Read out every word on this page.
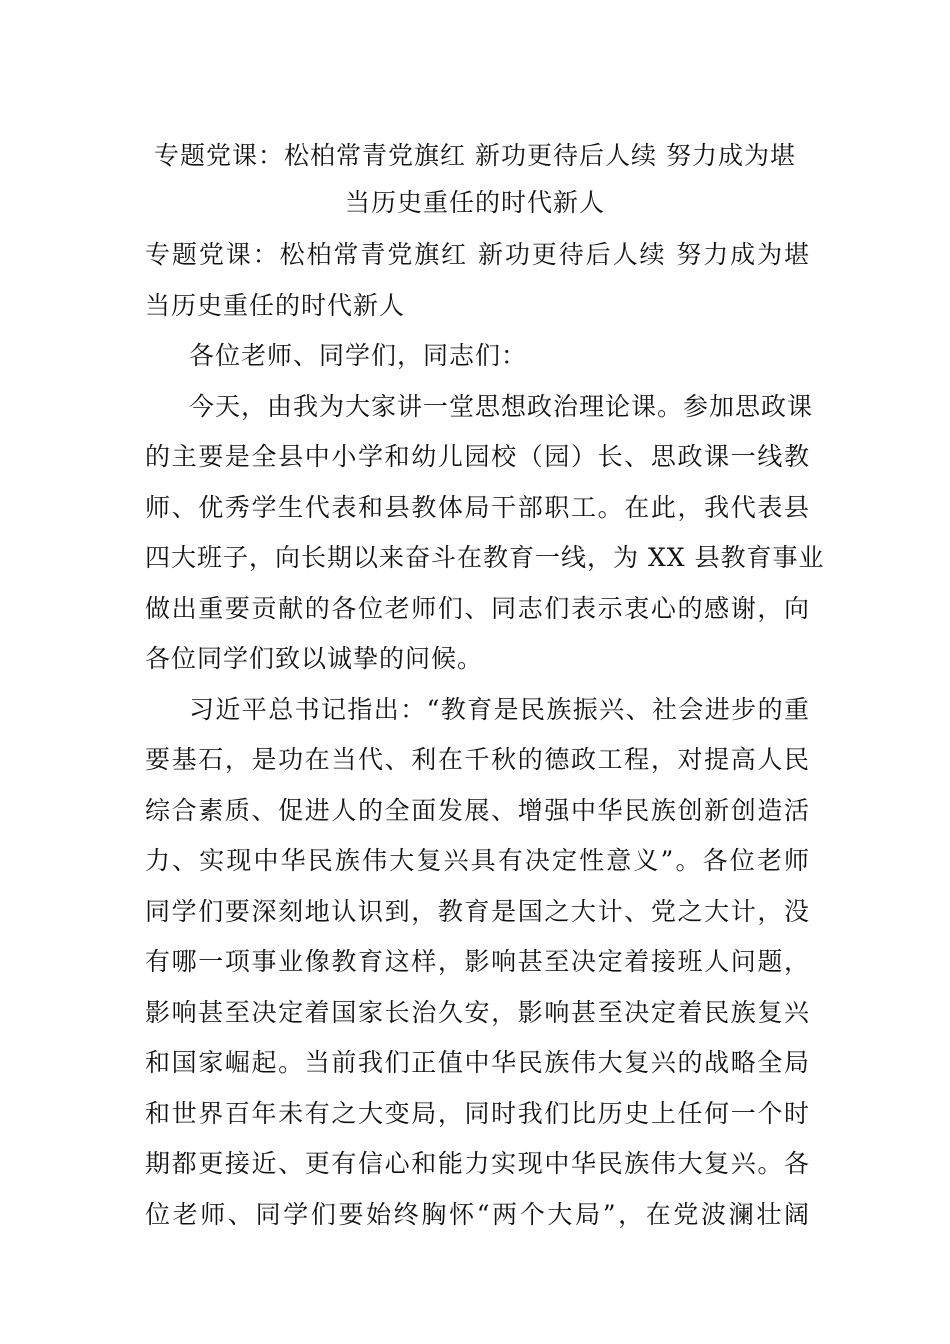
专题党课：松柏常青党旗红 新功更待后人续 努力成为堪
当历史重任的时代新人
专题党课：松柏常青党旗红 新功更待后人续 努力成为堪
当历史重任的时代新人
各位老师、同学们，同志们：
今天，由我为大家讲一堂思想政治理论课。参加思政课
的主要是全县中小学和幼儿园校（园）长、思政课一线教
师、优秀学生代表和县教体局干部职工。在此，我代表县
四大班子，向长期以来奋斗在教育一线，为 XX 县教育事业
做出重要贡献的各位老师们、同志们表示衷心的感谢，向
各位同学们致以诚挚的问候。
习近平总书记指出：“教育是民族振兴、社会进步的重
要基石，是功在当代、利在千秋的德政工程，对提高人民
综合素质、促进人的全面发展、增强中华民族创新创造活
力、实现中华民族伟大复兴具有决定性意义”。各位老师
同学们要深刻地认识到，教育是国之大计、党之大计，没
有哪一项事业像教育这样，影响甚至决定着接班人问题，
影响甚至决定着国家长治久安，影响甚至决定着民族复兴
和国家崛起。当前我们正值中华民族伟大复兴的战略全局
和世界百年未有之大变局，同时我们比历史上任何一个时
期都更接近、更有信心和能力实现中华民族伟大复兴。各
位老师、同学们要始终胸怀“两个大局”，在党波澜壮阔
